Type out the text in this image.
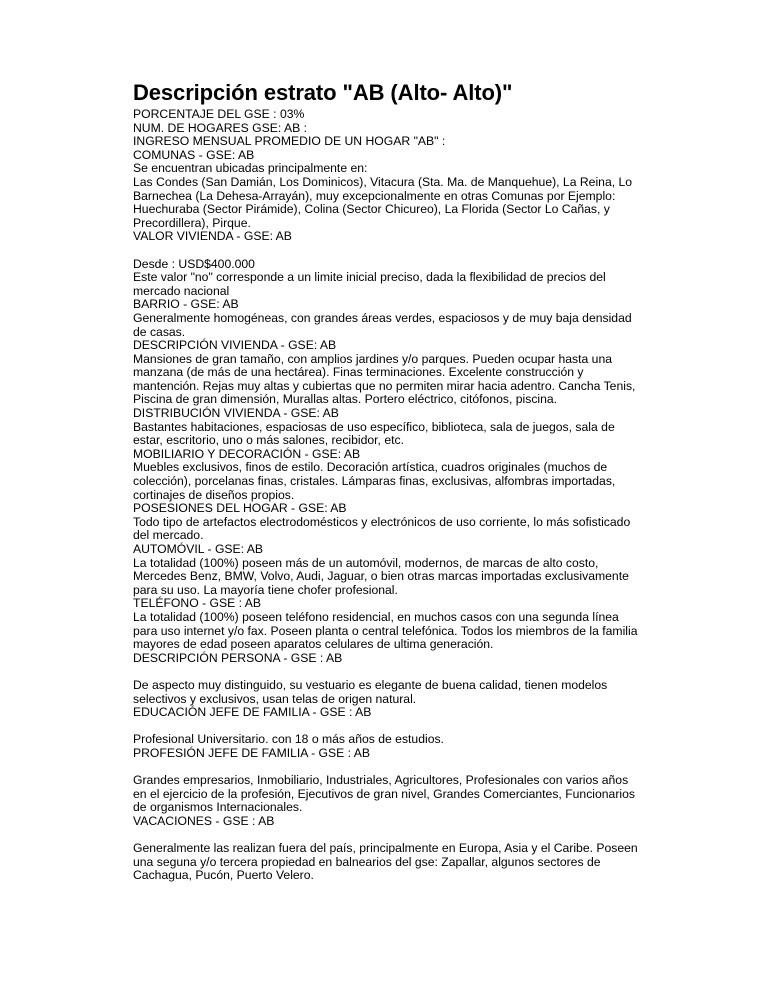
Descripción estrato "AB (Alto- Alto)"

PORCENTAJE DEL GSE : 03%

NUM. DE HOGARES GSE: AB :

INGRESO MENSUAL PROMEDIO DE UN HOGAR "AB" :

COMUNAS - GSE: AB

Se encuentran ubicadas principalmente en:

Las Condes (San Damián, Los Dominicos), Vitacura (Sta. Ma. de Manquehue), La Reina, Lo Barnechea (La Dehesa-Arrayán), muy excepcionalmente en otras Comunas por Ejemplo: Huechuraba (Sector Pirámide), Colina (Sector Chicureo), La Florida (Sector Lo Cañas, y Precordillera), Pirque.

VALOR VIVIENDA - GSE: AB

Desde : USD$400.000

Este valor "no" corresponde a un limite inicial preciso, dada la flexibilidad de precios del mercado nacional

BARRIO - GSE: AB

Generalmente homogéneas, con grandes áreas verdes, espaciosos y de muy baja densidad de casas.

DESCRIPCIÓN VIVIENDA - GSE: AB

Mansiones de gran tamaño, con amplios jardines y/o parques. Pueden ocupar hasta una manzana (de más de una hectárea). Finas terminaciones. Excelente construcción y mantención. Rejas muy altas y cubiertas que no permiten mirar hacia adentro. Cancha Tenis, Piscina de gran dimensión, Murallas altas. Portero eléctrico, citófonos, piscina.

DISTRIBUCIÓN VIVIENDA - GSE: AB

Bastantes habitaciones, espaciosas de uso específico, biblioteca, sala de juegos, sala de estar, escritorio, uno o más salones, recibidor, etc.

MOBILIARIO Y DECORACIÓN - GSE: AB

Muebles exclusivos, finos de estilo. Decoración artística, cuadros originales (muchos de colección), porcelanas finas, cristales. Lámparas finas, exclusivas, alfombras importadas, cortinajes de diseños propios.

POSESIONES DEL HOGAR - GSE: AB

Todo tipo de artefactos electrodomésticos y electrónicos de uso corriente, lo más sofisticado del mercado.

AUTOMÓVIL - GSE: AB

La totalidad (100%) poseen más de un automóvil, modernos, de marcas de alto costo, Mercedes Benz, BMW, Volvo, Audi, Jaguar, o bien otras marcas importadas exclusivamente para su uso. La mayoría tiene chofer profesional.

TELÉFONO - GSE : AB

La totalidad (100%) poseen teléfono residencial, en muchos casos con una segunda línea para uso internet y/o fax. Poseen planta o central telefónica. Todos los miembros de la familia mayores de edad poseen aparatos celulares de ultima generación.

DESCRIPCIÓN PERSONA - GSE : AB

De aspecto muy distinguido, su vestuario es elegante de buena calidad, tienen modelos selectivos y exclusivos, usan telas de origen natural.

EDUCACIÓN JEFE DE FAMILIA - GSE : AB

Profesional Universitario. con 18 o más años de estudios.

PROFESIÓN JEFE DE FAMILIA - GSE : AB

Grandes empresarios, Inmobiliario, Industriales, Agricultores, Profesionales con varios años en el ejercicio de la profesión, Ejecutivos de gran nivel, Grandes Comerciantes, Funcionarios de organismos Internacionales.

VACACIONES - GSE : AB

Generalmente las realizan fuera del país, principalmente en Europa, Asia y el Caribe. Poseen una seguna y/o tercera propiedad en balnearios del gse: Zapallar, algunos sectores de Cachagua, Pucón, Puerto Velero.
